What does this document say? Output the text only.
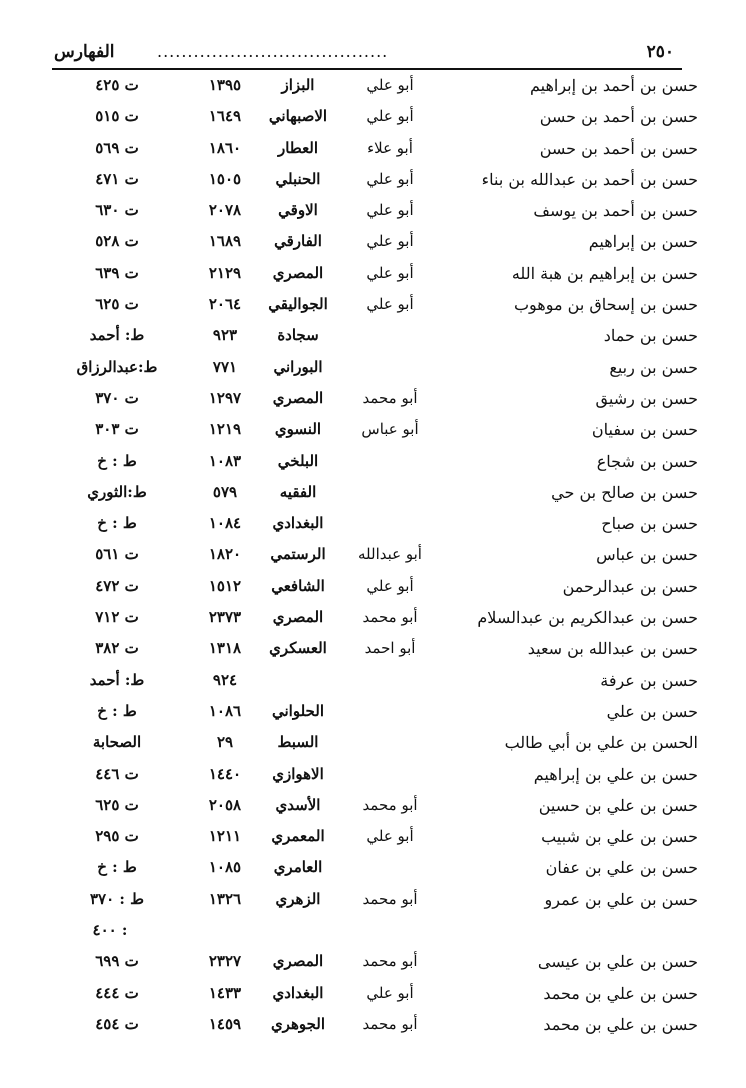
الفهارس	......................................	٢٥٠
حسن بن أحمد بن إبراهيم
أبو علي
البزاز
١٣٩٥
ت ٤٢٥
حسن بن أحمد بن حسن
أبو علي
الاصبهاني
١٦٤٩
ت ٥١٥
حسن بن أحمد بن حسن
أبو علاء
العطار
١٨٦٠
ت ٥٦٩
حسن بن أحمد بن عبدالله بن بناء
أبو علي
الحنبلي
١٥٠٥
ت ٤٧١
حسن بن أحمد بن يوسف
أبو علي
الاوقي
٢٠٧٨
ت ٦٣٠
حسن بن إبراهيم
أبو علي
الفارقي
١٦٨٩
ت ٥٢٨
حسن بن إبراهيم بن هبة الله
أبو علي
المصري
٢١٢٩
ت ٦٣٩
حسن بن إسحاق بن موهوب
أبو علي
الجواليقي
٢٠٦٤
ت ٦٢٥
حسن بن حماد
سجادة
٩٢٣
ط: أحمد
حسن بن ربيع
البوراني
٧٧١
ط:عبدالرزاق
حسن بن رشيق
أبو محمد
المصري
١٢٩٧
ت ٣٧٠
حسن بن سفيان
أبو عباس
النسوي
١٢١٩
ت ٣٠٣
حسن بن شجاع
البلخي
١٠٨٣
ط : خ
حسن بن صالح بن حي
الفقيه
٥٧٩
ط:الثوري
حسن بن صباح
البغدادي
١٠٨٤
ط : خ
حسن بن عباس
أبو عبدالله
الرستمي
١٨٢٠
ت ٥٦١
حسن بن عبدالرحمن
أبو علي
الشافعي
١٥١٢
ت ٤٧٢
حسن بن عبدالكريم بن عبدالسلام
أبو محمد
المصري
٢٣٧٣
ت ٧١٢
حسن بن عبدالله بن سعيد
أبو احمد
العسكري
١٣١٨
ت ٣٨٢
حسن بن عرفة
٩٢٤
ط: أحمد
حسن بن علي
الحلواني
١٠٨٦
ط : خ
الحسن بن علي بن أبي طالب
السبط
٢٩
الصحابة
حسن بن علي بن إبراهيم
الاهوازي
١٤٤٠
ت ٤٤٦
حسن بن علي بن حسين
أبو محمد
الأسدي
٢٠٥٨
ت ٦٢٥
حسن بن علي بن شبيب
أبو علي
المعمري
١٢١١
ت ٢٩٥
حسن بن علي بن عفان
العامري
١٠٨٥
ط : خ
حسن بن علي بن عمرو
أبو محمد
الزهري
١٣٢٦
ط : ٣٧٠
: ٤٠٠
حسن بن علي بن عيسى
أبو محمد
المصري
٢٣٢٧
ت ٦٩٩
حسن بن علي بن محمد
أبو علي
البغدادي
١٤٣٣
ت ٤٤٤
حسن بن علي بن محمد
أبو محمد
الجوهري
١٤٥٩
ت ٤٥٤
